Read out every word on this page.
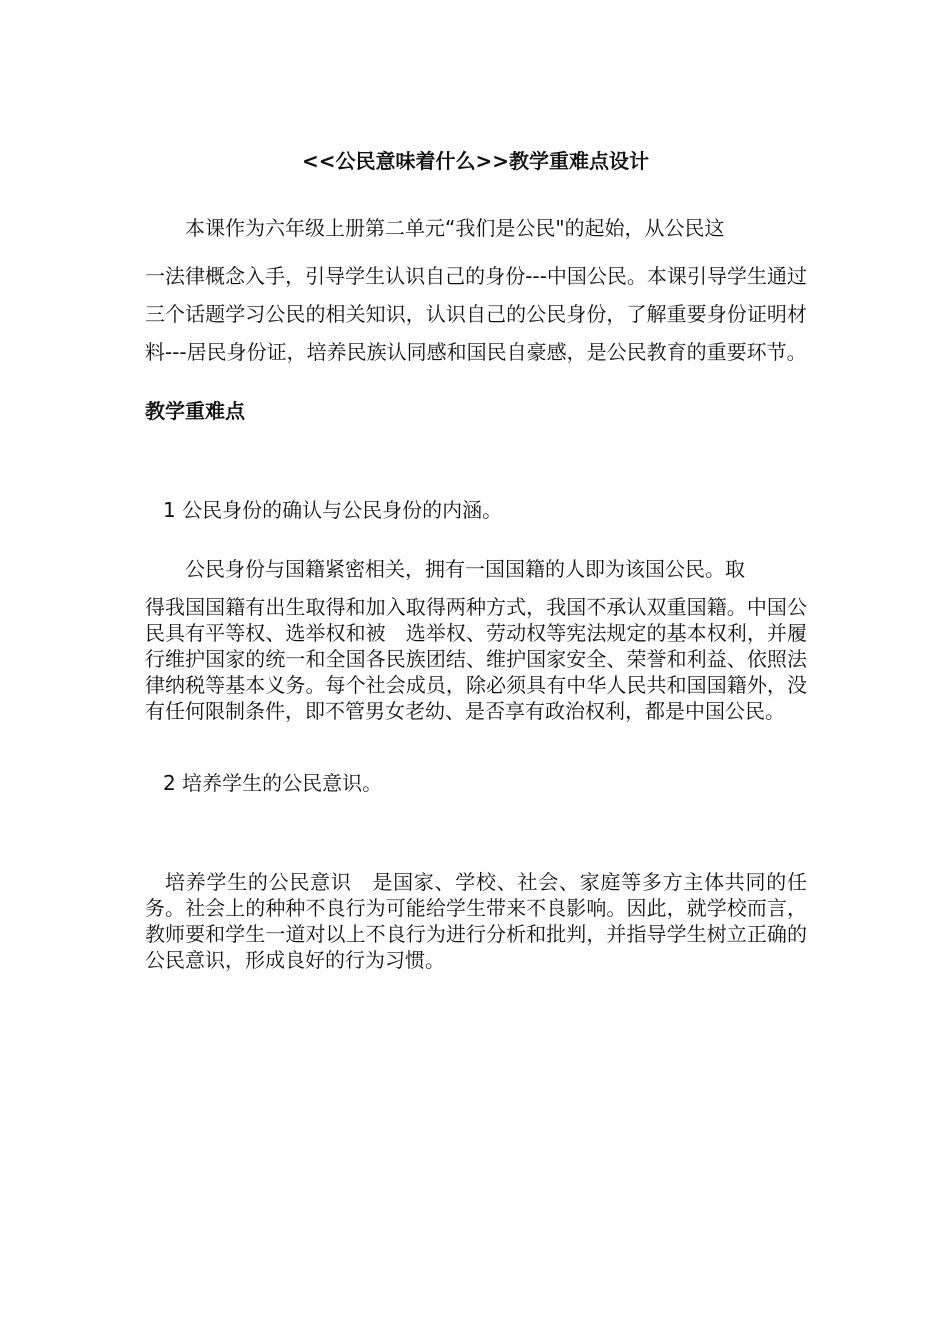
<<公民意味着什么>>教学重难点设计

本课作为六年级上册第二单元“我们是公民"的起始，从公民这
一法律概念入手，引导学生认识自己的身份---中国公民。本课引导学生通过三个话题学习公民的相关知识，认识自己的公民身份，了解重要身份证明材料---居民身份证，培养民族认同感和国民自豪感，是公民教育的重要环节。

教学重难点
1 公民身份的确认与公民身份的内涵。

公民身份与国籍紧密相关，拥有一国国籍的人即为该国公民。取
得我国国籍有出生取得和加入取得两种方式，我国不承认双重国籍。中国公民具有平等权、选举权和被　选举权、劳动权等宪法规定的基本权利，并履行维护国家的统一和全国各民族团结、维护国家安全、荣誉和利益、依照法律纳税等基本义务。每个社会成员，除必须具有中华人民共和国国籍外，没有任何限制条件，即不管男女老幼、是否享有政治权利，都是中国公民。

2 培养学生的公民意识。

培养学生的公民意识　是国家、学校、社会、家庭等多方主体共同的任务。社会上的种种不良行为可能给学生带来不良影响。因此，就学校而言，教师要和学生一道对以上不良行为进行分析和批判，并指导学生树立正确的公民意识，形成良好的行为习惯。
